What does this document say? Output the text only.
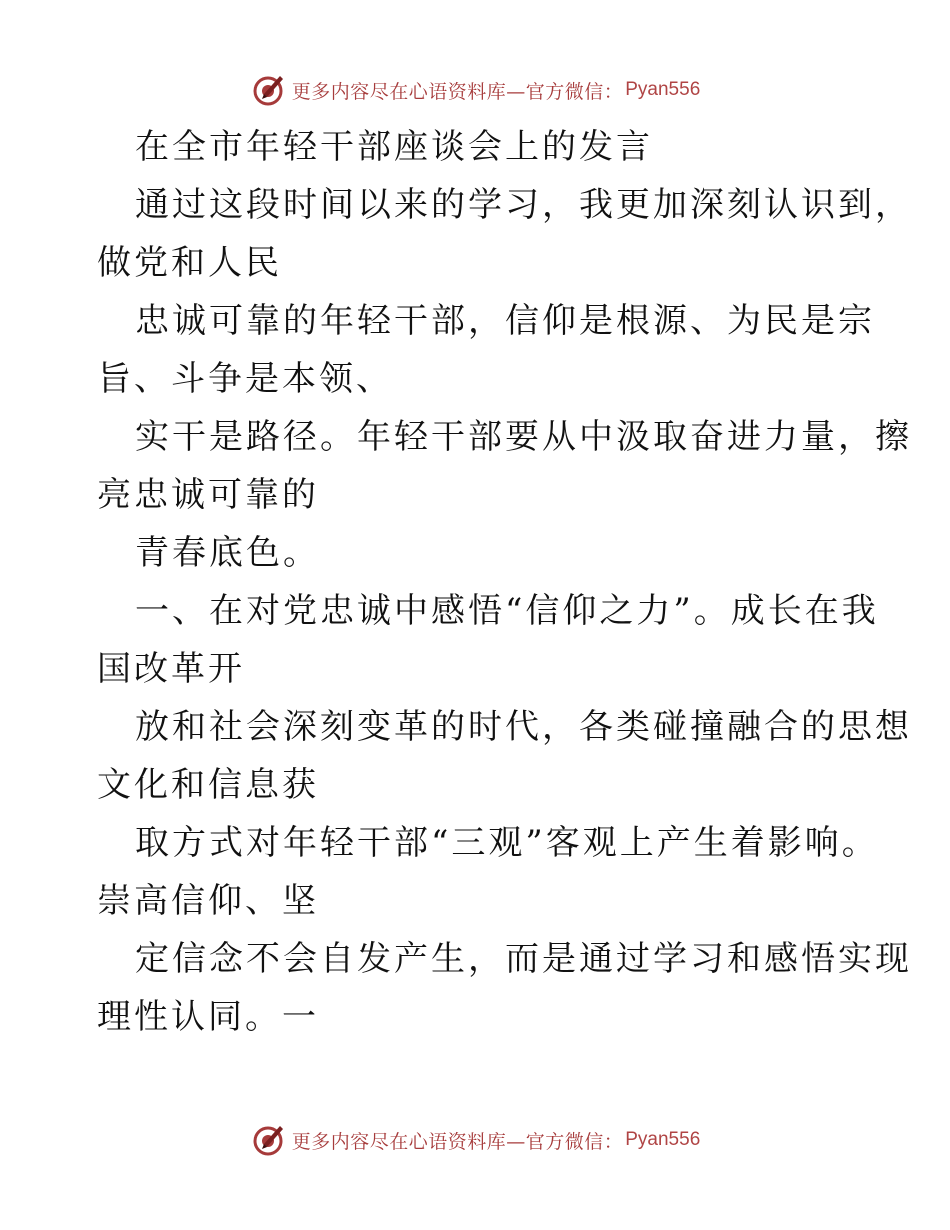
更多内容尽在心语资料库—官方微信： Pyan556
在全市年轻干部座谈会上的发言
通过这段时间以来的学习，我更加深刻认识到，
做党和人民
忠诚可靠的年轻干部，信仰是根源、为民是宗
旨、斗争是本领、
实干是路径。年轻干部要从中汲取奋进力量，擦
亮忠诚可靠的
青春底色。
一、在对党忠诚中感悟“信仰之力”。成长在我
国改革开
放和社会深刻变革的时代，各类碰撞融合的思想
文化和信息获
取方式对年轻干部“三观”客观上产生着影响。
崇高信仰、坚
定信念不会自发产生，而是通过学习和感悟实现
理性认同。一
更多内容尽在心语资料库—官方微信： Pyan556
